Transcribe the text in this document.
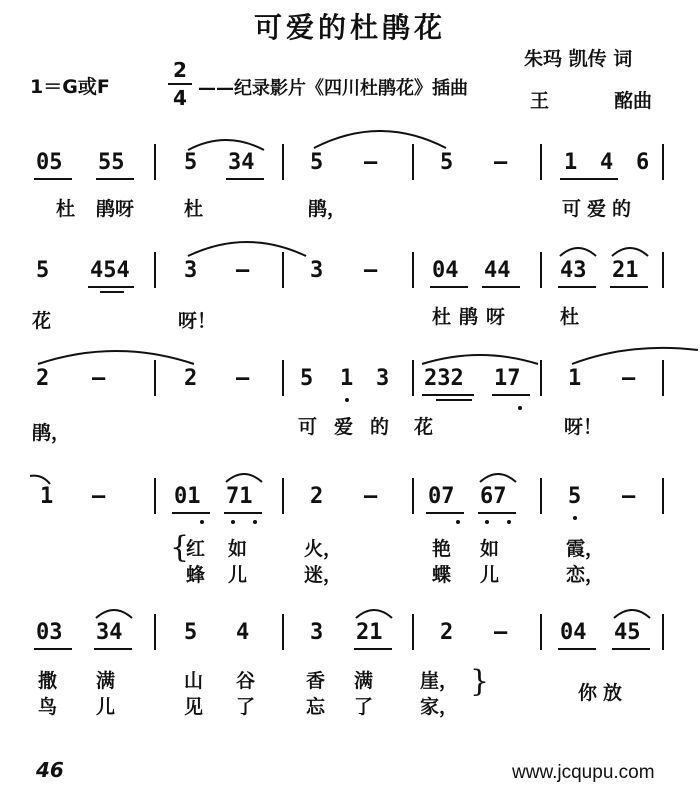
可爱的杜鹃花
1＝G或F
2
4 ——纪录影片《四川杜鹃花》插曲
朱玛 凯传 词
王	酩曲
05 55	5 34	5 —	5 —	1 4 6
杜 鹃呀	杜	鹃，	可爱的
5 454 3 —	3 — 04 44 43 21
花	呀！	杜鹃呀 杜
2 —	2 — 5 1 3 232 17 1 —
鹃，	可 爱 的 花	呀！
1 —	01 71	2 — 07 67	5 —
{
红 如	火，	艳 如	霞，
蜂 儿	迷，	蝶 儿	恋，
03 34	5 4	3 21	2 — 04 45
撒 满	山 谷	香 满 崖，
鸟 儿	见 了	忘 了 家，
}	你放
46	www.jcqupu.com
